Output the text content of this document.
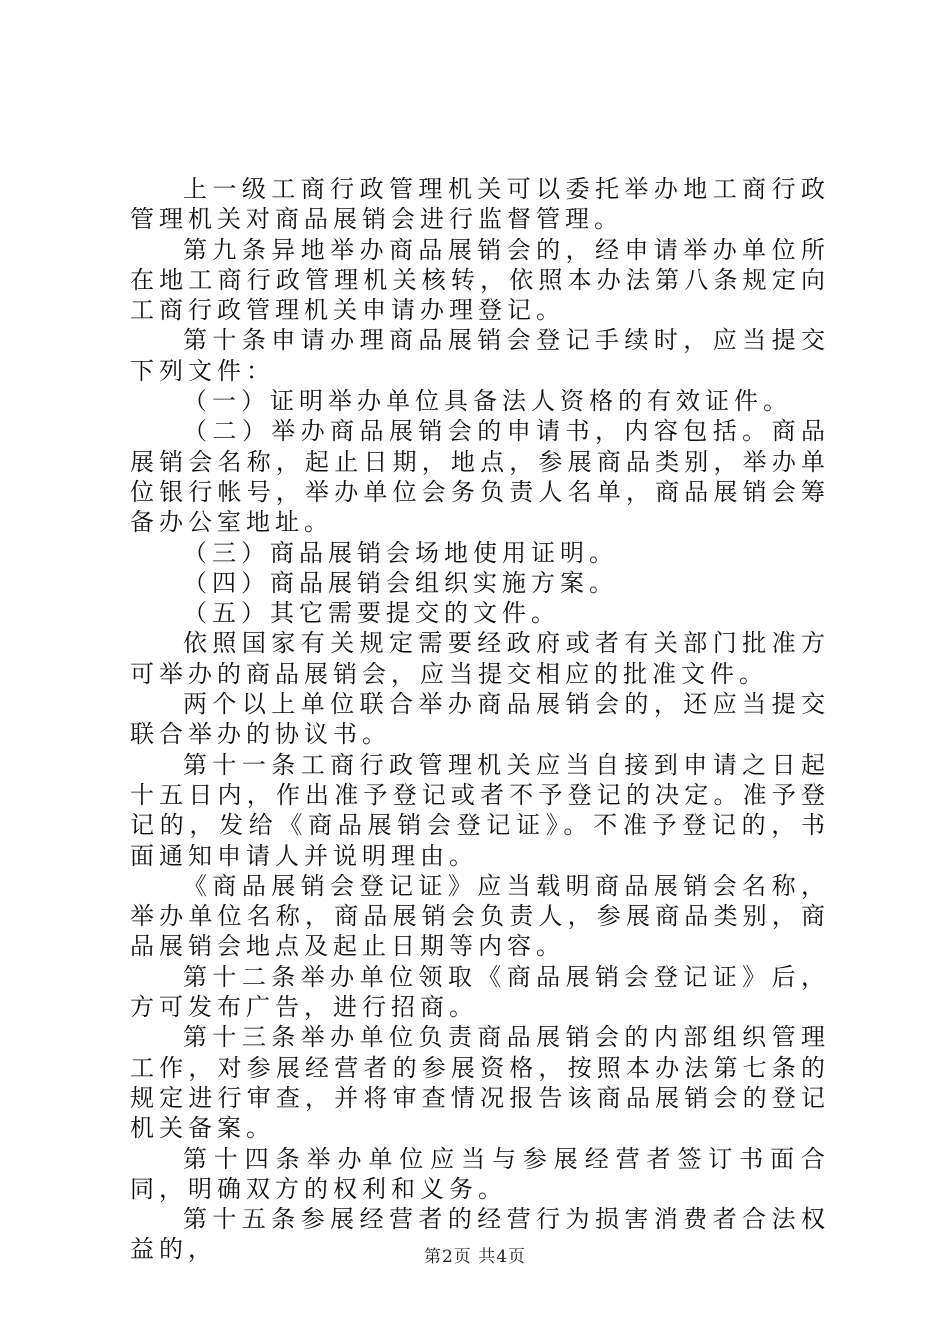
上一级工商行政管理机关可以委托举办地工商行政管理机关对商品展销会进行监督管理。

第九条异地举办商品展销会的，经申请举办单位所在地工商行政管理机关核转，依照本办法第八条规定向工商行政管理机关申请办理登记。

第十条申请办理商品展销会登记手续时，应当提交下列文件：

（一）证明举办单位具备法人资格的有效证件。

（二）举办商品展销会的申请书，内容包括。商品展销会名称，起止日期，地点，参展商品类别，举办单位银行帐号，举办单位会务负责人名单，商品展销会筹备办公室地址。

（三）商品展销会场地使用证明。

（四）商品展销会组织实施方案。

（五）其它需要提交的文件。

依照国家有关规定需要经政府或者有关部门批准方可举办的商品展销会，应当提交相应的批准文件。

两个以上单位联合举办商品展销会的，还应当提交联合举办的协议书。

第十一条工商行政管理机关应当自接到申请之日起十五日内，作出准予登记或者不予登记的决定。准予登记的，发给《商品展销会登记证》。不准予登记的，书面通知申请人并说明理由。

《商品展销会登记证》应当载明商品展销会名称，举办单位名称，商品展销会负责人，参展商品类别，商品展销会地点及起止日期等内容。

第十二条举办单位领取《商品展销会登记证》后，方可发布广告，进行招商。

第十三条举办单位负责商品展销会的内部组织管理工作，对参展经营者的参展资格，按照本办法第七条的规定进行审查，并将审查情况报告该商品展销会的登记机关备案。

第十四条举办单位应当与参展经营者签订书面合同，明确双方的权利和义务。

第十五条参展经营者的经营行为损害消费者合法权益的，	第2页 共4页
